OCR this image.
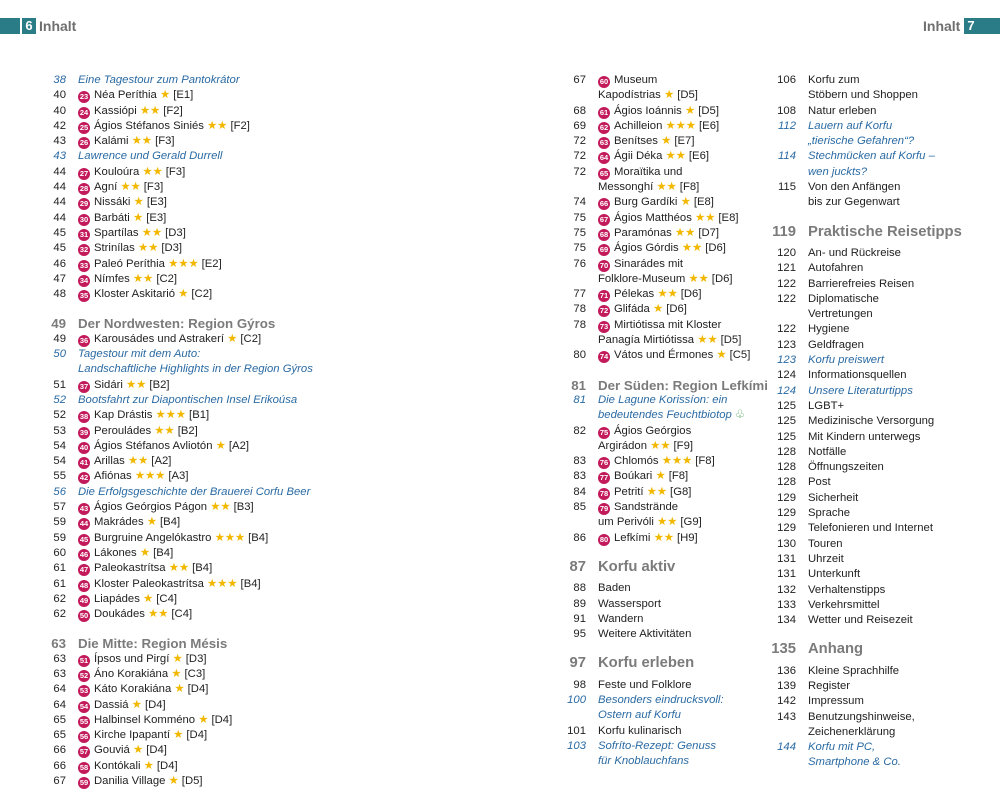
6 Inhalt	Inhalt 7
38	Eine Tagestour zum Pantokrátor
40	23 Néa Períthia ★ [E1]
40	24 Kassiópi ★★ [F2]
42	25 Ágios Stéfanos Siniés ★★ [F2]
43	26 Kalámi ★★ [F3]
43	Lawrence und Gerald Durrell
44	27 Kouloúra ★★ [F3]
44	28 Agní ★★ [F3]
44	29 Nissáki ★ [E3]
44	30 Barbáti ★ [E3]
45	31 Spartílas ★★ [D3]
45	32 Strinílas ★★ [D3]
46	33 Paleó Períthia ★★★ [E2]
47	34 Nímfes ★★ [C2]
48	35 Kloster Askitarió ★ [C2]
49 Der Nordwesten: Region Gýros
49	36 Karousádes und Astrakerí ★ [C2]
50	Tagestour mit dem Auto:
Landschaftliche Highlights in der Region Gýros
51	37 Sidári ★★ [B2]
52	Bootsfahrt zur Diapontischen Insel Erikoúsa
52	38 Kap Drástis ★★★ [B1]
53	39 Perouládes ★★ [B2]
54	40 Ágios Stéfanos Avliotón ★ [A2]
54	41 Arillas ★★ [A2]
55	42 Afiónas ★★★ [A3]
56	Die Erfolgsgeschichte der Brauerei Corfu Beer
57	43 Ágios Geórgios Págon ★★ [B3]
59	44 Makrádes ★ [B4]
59	45 Burgruine Angelókastro ★★★ [B4]
60	46 Lákones ★ [B4]
61	47 Paleokastrítsa ★★ [B4]
61	48 Kloster Paleokastrítsa ★★★ [B4]
62	49 Liapádes ★ [C4]
62	50 Doukádes ★★ [C4]
63 Die Mitte: Region Mésis
63	51 Ípsos und Pirgí ★ [D3]
63	52 Áno Korakiána ★ [C3]
64	53 Káto Korakiána ★ [D4]
64	54 Dassiá ★ [D4]
65	55 Halbinsel Komméno ★ [D4]
65	56 Kirche Ipapantí ★ [D4]
66	57 Gouviá ★ [D4]
66	58 Kontókali ★ [D4]
67	59 Danilia Village ★ [D5]
67	60 Museum
Kapodístrias ★ [D5]
68	61 Ágios Ioánnis ★ [D5]
69	62 Achilleion ★★★ [E6]
72	63 Benítses ★ [E7]
72	64 Ágii Déka ★★ [E6]
72	65 Moraïtika und
Messonghí ★★ [F8]
74	66 Burg Gardíki ★ [E8]
75	67 Ágios Matthéos ★★ [E8]
75	68 Paramónas ★★ [D7]
75	69 Ágios Górdis ★★ [D6]
76	70 Sinarádes mit
Folklore-Museum ★★ [D6]
77	71 Pélekas ★★ [D6]
78	72 Glifáda ★ [D6]
78	73 Mirtiótissa mit Kloster
Panagía Mirtiótissa ★★ [D5]
80	74 Vátos und Érmones ★ [C5]
81 Der Süden: Region Lefkími
81	Die Lagune Korissíon: ein
bedeutendes Feuchtbiotop ♧
82	75 Ágios Geórgios
Argirádon ★★ [F9]
83	76 Chlomós ★★★ [F8]
83	77 Boúkari ★ [F8]
84	78 Petrití ★★ [G8]
85	79 Sandstrände
um Perivóli ★★ [G9]
86	80 Lefkími ★★ [H9]
87 Korfu aktiv
88	Baden
89	Wassersport
91	Wandern
95	Weitere Aktivitäten
97 Korfu erleben
98	Feste und Folklore
100	Besonders eindrucksvoll:
Ostern auf Korfu
101	Korfu kulinarisch
103	Sofríto-Rezept: Genuss
für Knoblauchfans
106	Korfu zum
Stöbern und Shoppen
108	Natur erleben
112	Lauern auf Korfu
„tierische Gefahren“?
114	Stechmücken auf Korfu –
wen juckts?
115	Von den Anfängen
bis zur Gegenwart
119 Praktische Reisetipps
120	An- und Rückreise
121	Autofahren
122	Barrierefreies Reisen
122	Diplomatische
Vertretungen
122	Hygiene
123	Geldfragen
123	Korfu preiswert
124	Informationsquellen
124	Unsere Literaturtipps
125	LGBT+
125	Medizinische Versorgung
125	Mit Kindern unterwegs
128	Notfälle
128	Öffnungszeiten
128	Post
129	Sicherheit
129	Sprache
129	Telefonieren und Internet
130	Touren
131	Uhrzeit
131	Unterkunft
132	Verhaltenstipps
133	Verkehrsmittel
134	Wetter und Reisezeit
135 Anhang
136	Kleine Sprachhilfe
139	Register
142	Impressum
143	Benutzungshinweise,
Zeichenerklärung
144	Korfu mit PC,
Smartphone & Co.
